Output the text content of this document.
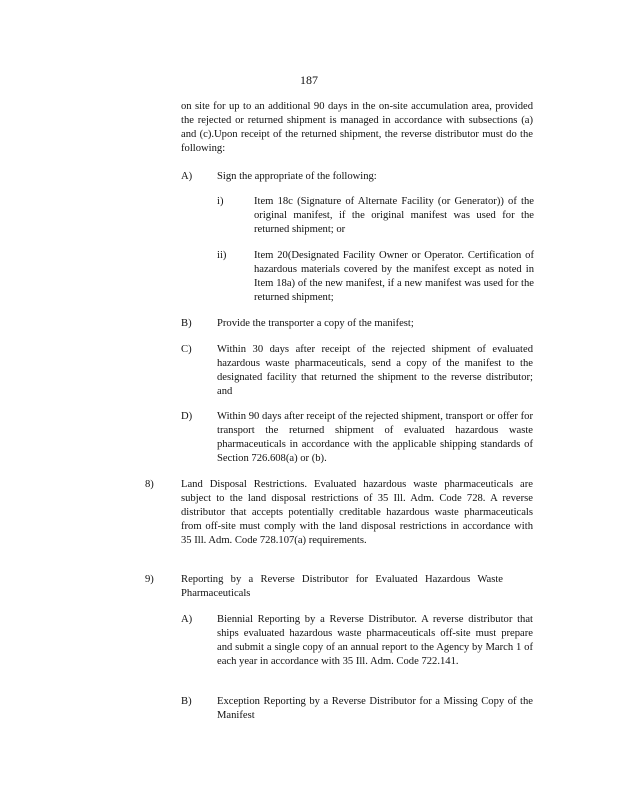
187

on site for up to an additional 90 days in the on-site accumulation area, provided the rejected or returned shipment is managed in accordance with subsections (a) and (c).Upon receipt of the returned shipment, the reverse distributor must do the following:

A) Sign the appropriate of the following:

i)	Item 18c (Signature of Alternate Facility (or Generator)) of the original manifest, if the original manifest was used for the returned shipment; or

ii)	Item 20(Designated Facility Owner or Operator. Certification of hazardous materials covered by the manifest except as noted in Item 18a) of the new manifest, if a new manifest was used for the returned shipment;

B) Provide the transporter a copy of the manifest;

C) Within 30 days after receipt of the rejected shipment of evaluated hazardous waste pharmaceuticals, send a copy of the manifest to the designated facility that returned the shipment to the reverse distributor; and

D) Within 90 days after receipt of the rejected shipment, transport or offer for transport the returned shipment of evaluated hazardous waste pharmaceuticals in accordance with the applicable shipping standards of Section 726.608(a) or (b).

8)	Land Disposal Restrictions. Evaluated hazardous waste pharmaceuticals are subject to the land disposal restrictions of 35 Ill. Adm. Code 728. A reverse distributor that accepts potentially creditable hazardous waste pharmaceuticals from off-site must comply with the land disposal restrictions in accordance with 35 Ill. Adm. Code 728.107(a) requirements.

9)	Reporting by a Reverse Distributor for Evaluated Hazardous Waste Pharmaceuticals

A) Biennial Reporting by a Reverse Distributor. A reverse distributor that ships evaluated hazardous waste pharmaceuticals off-site must prepare and submit a single copy of an annual report to the Agency by March 1 of each year in accordance with 35 Ill. Adm. Code 722.141.

B) Exception Reporting by a Reverse Distributor for a Missing Copy of the Manifest
